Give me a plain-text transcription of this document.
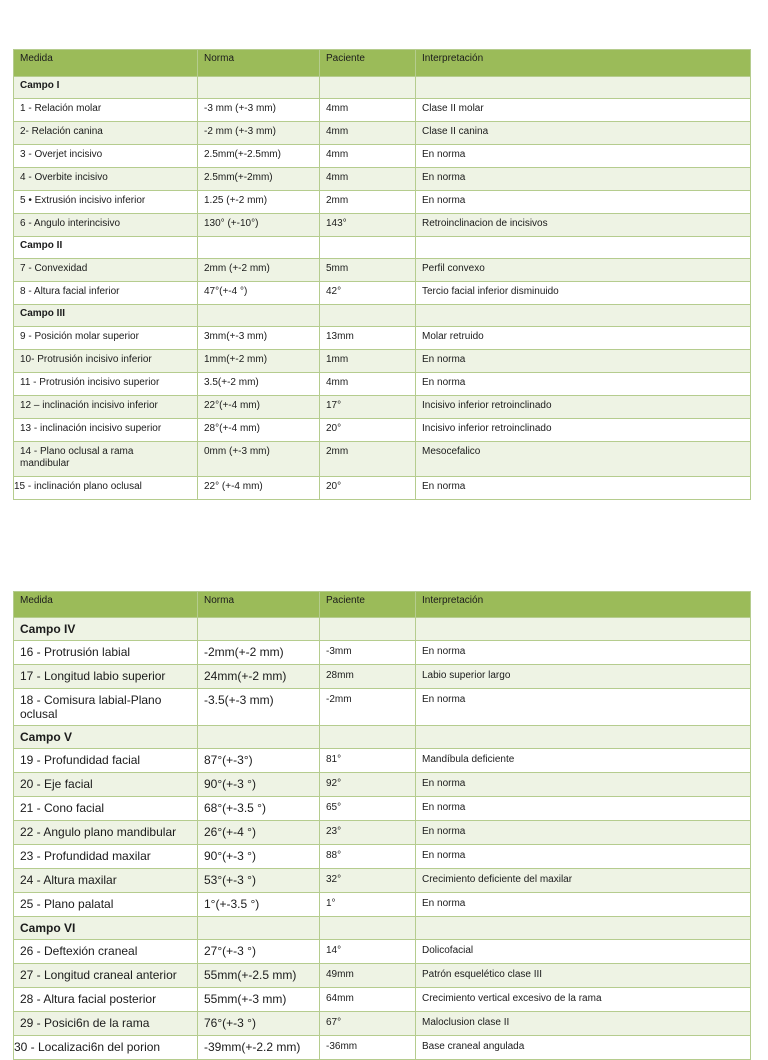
Medida	Norma	Paciente	Interpretación
Campo I			
1 - Relación molar	-3 mm (+-3 mm)	4mm	Clase II molar
2- Relación canina	-2 mm (+-3 mm)	4mm	Clase II canina
3 - Overjet incisivo	2.5mm(+-2.5mm)	4mm	En norma
4 - Overbite incisivo	2.5mm(+-2mm)	4mm	En norma
5 • Extrusión incisivo inferior	1.25 (+-2 mm)	2mm	En norma
6 - Angulo interincisivo	130° (+-10°)	143°	Retroinclinacion de incisivos
Campo II			
7 - Convexidad	2mm (+-2 mm)	5mm	Perfil convexo
8 - Altura facial inferior	47°(+-4 °)	42°	Tercio facial inferior disminuido
Campo III			
9 - Posición molar superior	3mm(+-3 mm)	13mm	Molar retruido
10- Protrusión incisivo inferior	1mm(+-2 mm)	1mm	En norma
11 - Protrusión incisivo superior	3.5(+-2 mm)	4mm	En norma
12 – inclinación incisivo inferior	22°(+-4 mm)	17°	Incisivo inferior retroinclinado
13 - inclinación incisivo superior	28°(+-4 mm)	20°	Incisivo inferior retroinclinado
14 - Plano oclusal a rama mandibular	0mm (+-3 mm)	2mm	Mesocefalico
15 - inclinación plano oclusal	22° (+-4 mm)	20°	En norma
Medida	Norma	Paciente	Interpretación
Campo IV			
16 - Protrusión labial	-2mm(+-2 mm)	-3mm	En norma
17 - Longitud labio superior	24mm(+-2 mm)	28mm	Labio superior largo
18 - Comisura labial-Plano oclusal	-3.5(+-3 mm)	-2mm	En norma
Campo V			
19 - Profundidad facial	87°(+-3°)	81°	Mandíbula deficiente
20 - Eje facial	90°(+-3 °)	92°	En norma
21 - Cono facial	68°(+-3.5 °)	65°	En norma
22 - Angulo plano mandibular	26°(+-4 °)	23°	En norma
23 - Profundidad maxilar	90°(+-3 °)	88°	En norma
24 - Altura maxilar	53°(+-3 °)	32°	Crecimiento deficiente del maxilar
25 - Plano palatal	1°(+-3.5 °)	1°	En norma
Campo VI			
26 - Deftexión craneal	27°(+-3 °)	14°	Dolicofacial
27 - Longitud craneal anterior	55mm(+-2.5 mm)	49mm	Patrón esquelético clase III
28 - Altura facial posterior	55mm(+-3 mm)	64mm	Crecimiento vertical excesivo de la rama
29 - Posici6n de la rama	76°(+-3 °)	67°	Maloclusion clase II
30 - Localizaci6n del porion	-39mm(+-2.2 mm)	-36mm	Base craneal angulada
